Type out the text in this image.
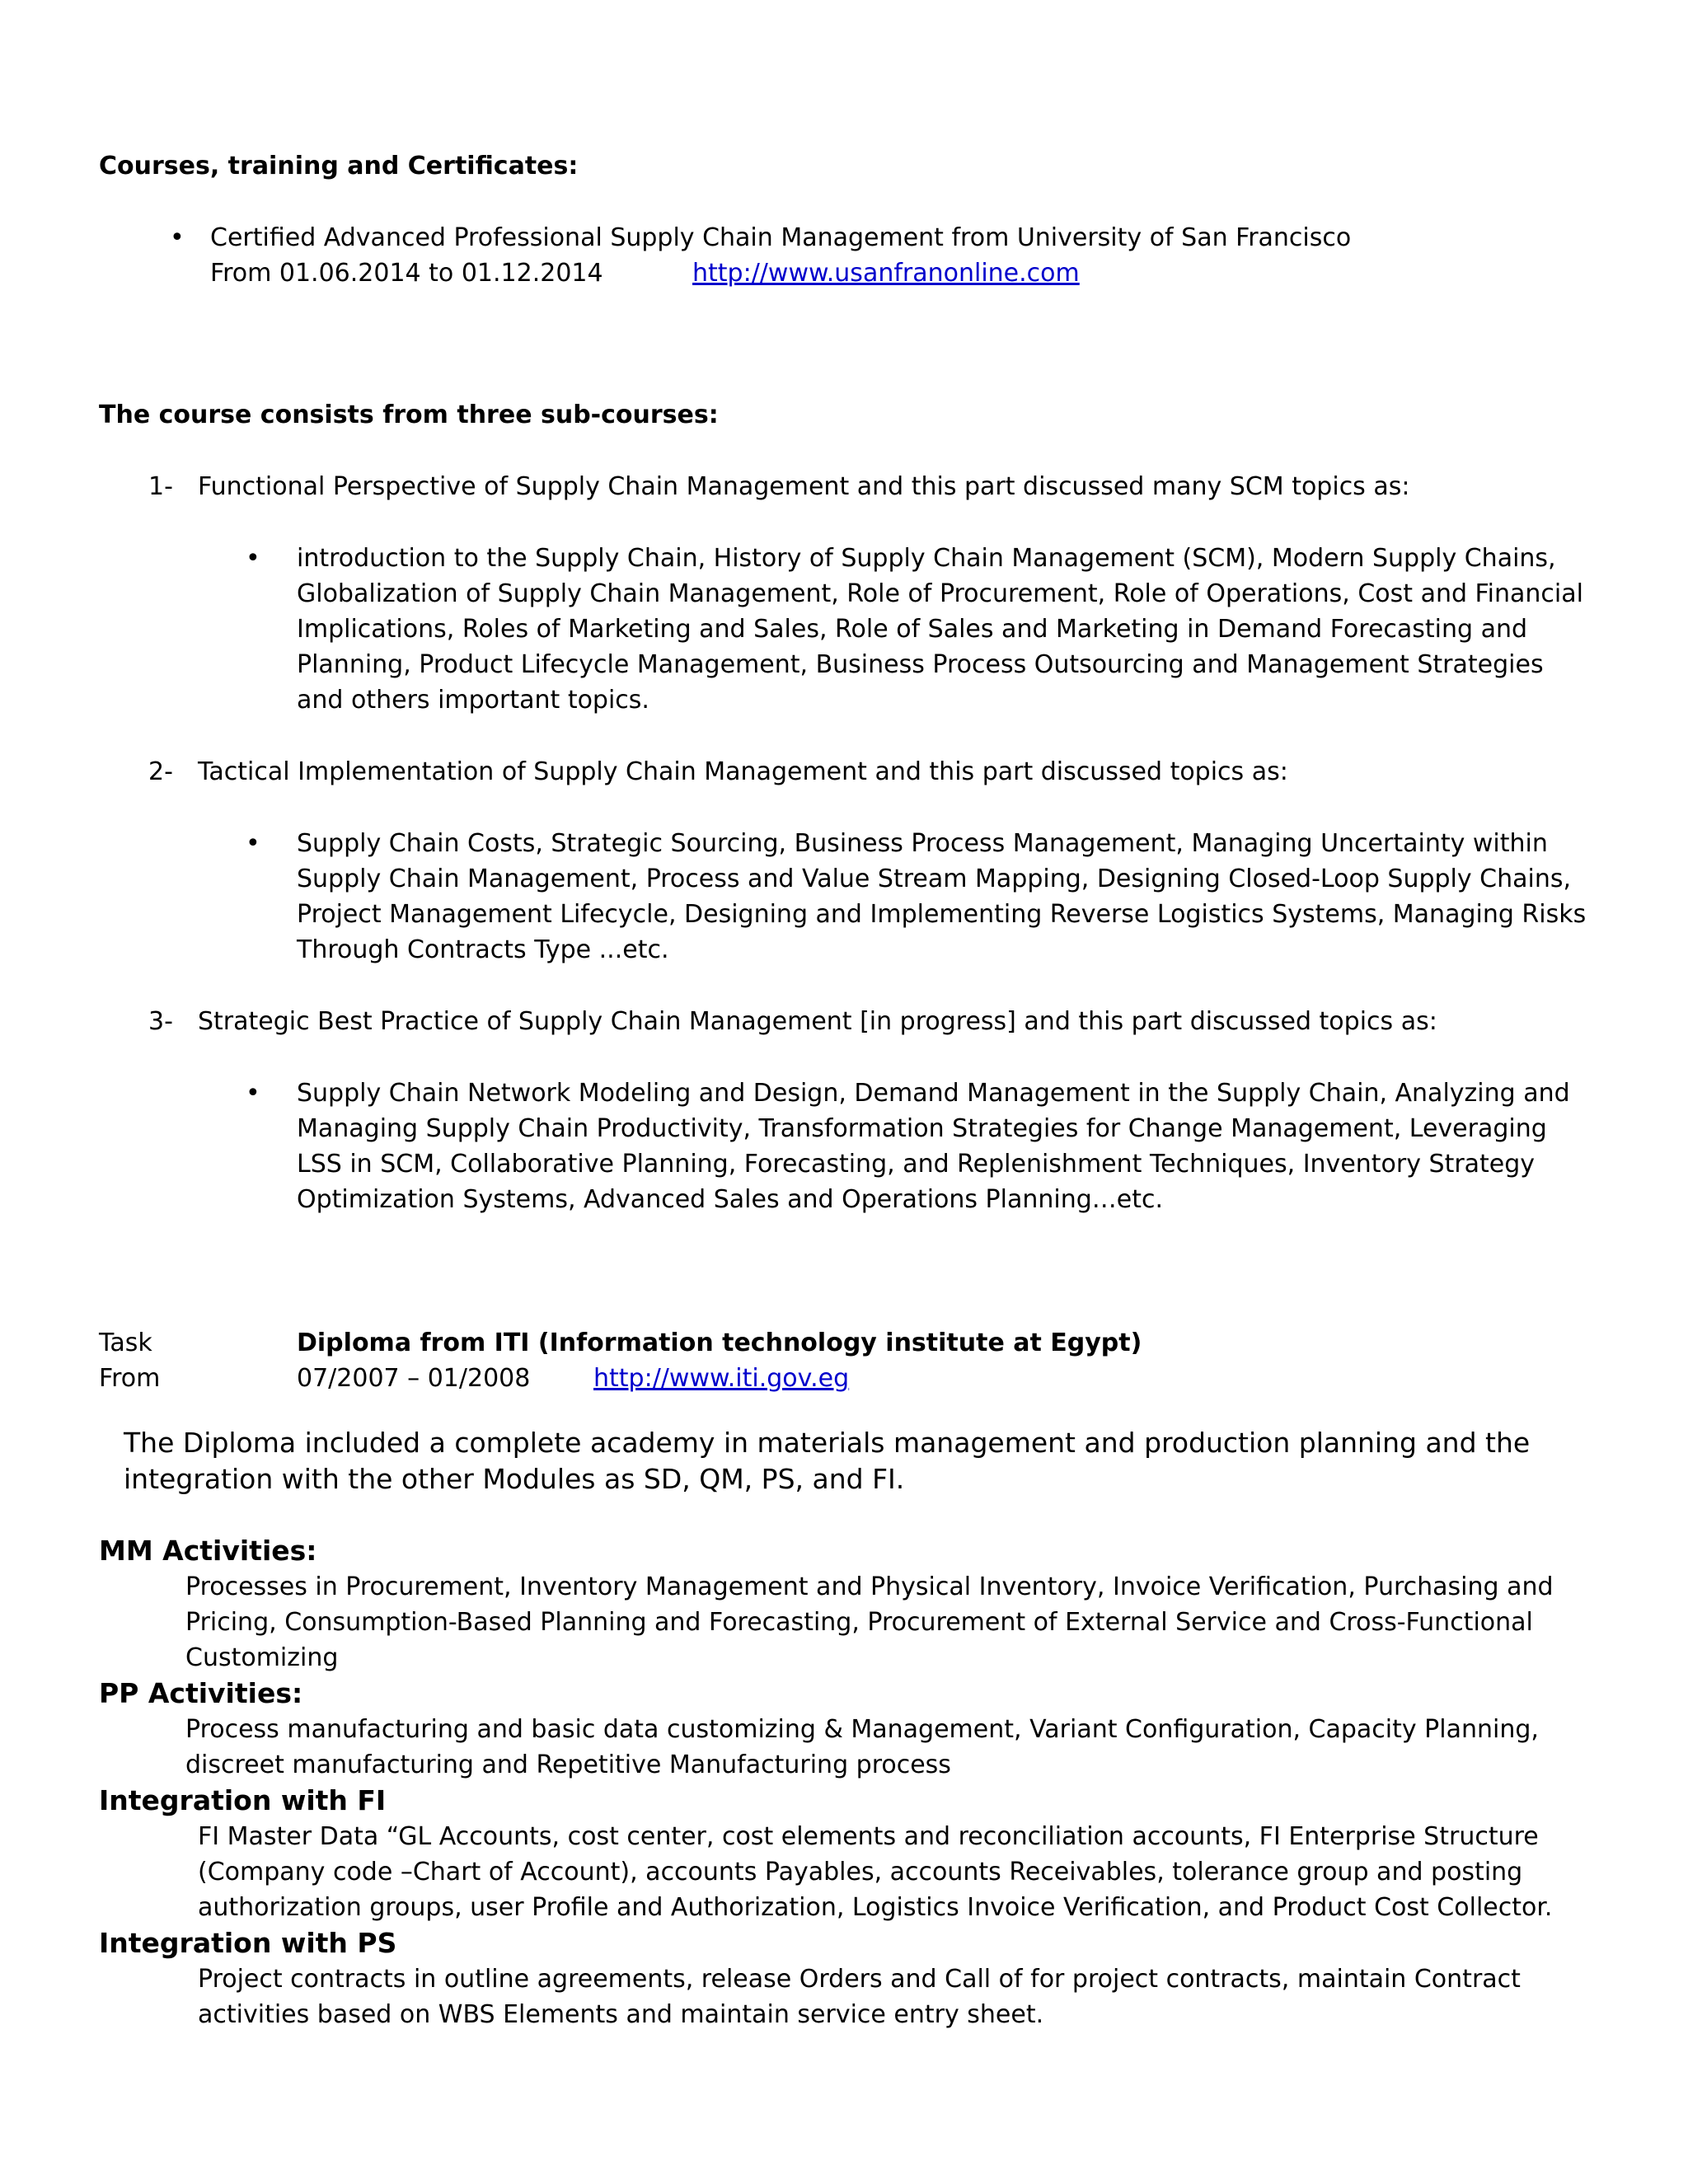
Courses, training and Certificates:
• Certified Advanced Professional Supply Chain Management from University of San Francisco
From 01.06.2014 to 01.12.2014	http://www.usanfranonline.com
The course consists from three sub-courses:
1- Functional Perspective of Supply Chain Management and this part discussed many SCM topics as:
• introduction to the Supply Chain, History of Supply Chain Management (SCM), Modern Supply Chains,
Globalization of Supply Chain Management, Role of Procurement, Role of Operations, Cost and Financial
Implications, Roles of Marketing and Sales, Role of Sales and Marketing in Demand Forecasting and
Planning, Product Lifecycle Management, Business Process Outsourcing and Management Strategies
and others important topics.
2- Tactical Implementation of Supply Chain Management and this part discussed topics as:
• Supply Chain Costs, Strategic Sourcing, Business Process Management, Managing Uncertainty within
Supply Chain Management, Process and Value Stream Mapping, Designing Closed-Loop Supply Chains,
Project Management Lifecycle, Designing and Implementing Reverse Logistics Systems, Managing Risks
Through Contracts Type ...etc.
3- Strategic Best Practice of Supply Chain Management [in progress] and this part discussed topics as:
• Supply Chain Network Modeling and Design, Demand Management in the Supply Chain, Analyzing and
Managing Supply Chain Productivity, Transformation Strategies for Change Management, Leveraging
LSS in SCM, Collaborative Planning, Forecasting, and Replenishment Techniques, Inventory Strategy
Optimization Systems, Advanced Sales and Operations Planning…etc.
Task	Diploma from ITI (Information technology institute at Egypt)
From	07/2007 – 01/2008	http://www.iti.gov.eg
The Diploma included a complete academy in materials management and production planning and the
integration with the other Modules as SD, QM, PS, and FI.
MM Activities:
Processes in Procurement, Inventory Management and Physical Inventory, Invoice Verification, Purchasing and
Pricing, Consumption-Based Planning and Forecasting, Procurement of External Service and Cross-Functional
Customizing
PP Activities:
Process manufacturing and basic data customizing & Management, Variant Configuration, Capacity Planning,
discreet manufacturing and Repetitive Manufacturing process
Integration with FI
FI Master Data “GL Accounts, cost center, cost elements and reconciliation accounts, FI Enterprise Structure
(Company code –Chart of Account), accounts Payables, accounts Receivables, tolerance group and posting
authorization groups, user Profile and Authorization, Logistics Invoice Verification, and Product Cost Collector.
Integration with PS
Project contracts in outline agreements, release Orders and Call of for project contracts, maintain Contract
activities based on WBS Elements and maintain service entry sheet.
